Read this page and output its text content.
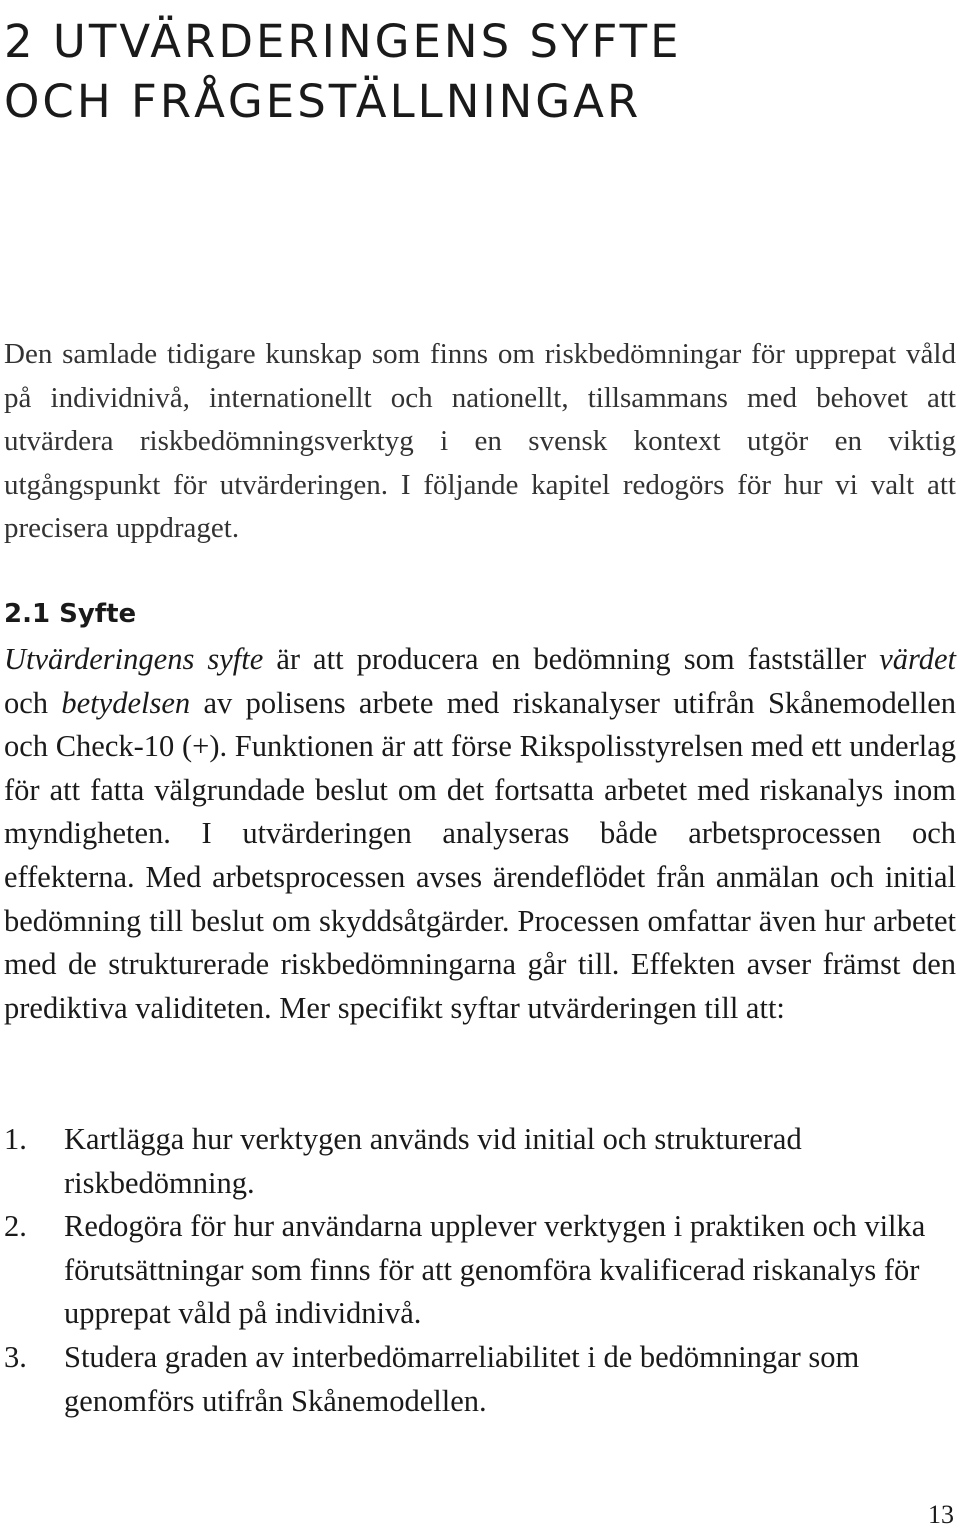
2 UTVÄRDERINGENS SYFTE
OCH FRÅGESTÄLLNINGAR

Den samlade tidigare kunskap som finns om riskbedömningar för upprepat våld på individnivå, internationellt och nationellt, tillsammans med behovet att utvärdera riskbedömningsverktyg i en svensk kontext utgör en viktig utgångspunkt för utvärderingen. I följande kapitel redogörs för hur vi valt att precisera uppdraget.

2.1 Syfte

Utvärderingens syfte är att producera en bedömning som fastställer värdet och betydelsen av polisens arbete med riskanalyser utifrån Skånemodellen och Check-10 (+). Funktionen är att förse Rikspolisstyrelsen med ett underlag för att fatta välgrundade beslut om det fortsatta arbetet med riskanalys inom myndigheten. I utvärderingen analyseras både arbetsprocessen och effekterna. Med arbetsprocessen avses ärendeflödet från anmälan och initial bedömning till beslut om skyddsåtgärder. Processen omfattar även hur arbetet med de strukturerade riskbedömningarna går till. Effekten avser främst den prediktiva validiteten. Mer specifikt syftar utvärderingen till att:

1. Kartlägga hur verktygen används vid initial och strukturerad riskbedömning.
2. Redogöra för hur användarna upplever verktygen i praktiken och vilka förutsättningar som finns för att genomföra kvalificerad riskanalys för upprepat våld på individnivå.
3. Studera graden av interbedömarreliabilitet i de bedömningar som genomförs utifrån Skånemodellen.
13
